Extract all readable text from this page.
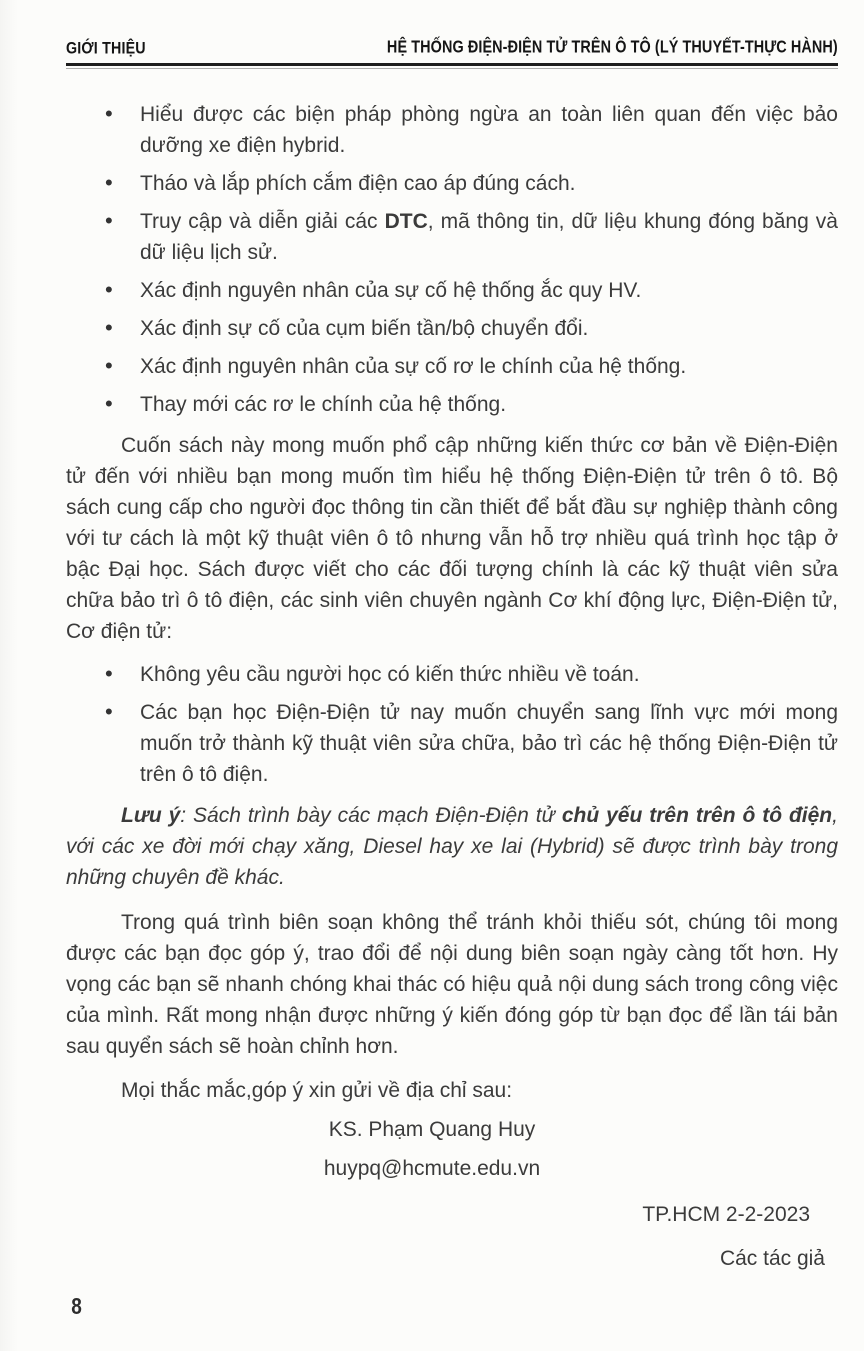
GIỚI THIỆU	HỆ THỐNG ĐIỆN-ĐIỆN TỬ TRÊN Ô TÔ (LÝ THUYẾT-THỰC HÀNH)
• Hiểu được các biện pháp phòng ngừa an toàn liên quan đến việc bảo dưỡng xe điện hybrid.
• Tháo và lắp phích cắm điện cao áp đúng cách.
• Truy cập và diễn giải các DTC, mã thông tin, dữ liệu khung đóng băng và dữ liệu lịch sử.
• Xác định nguyên nhân của sự cố hệ thống ắc quy HV.
• Xác định sự cố của cụm biến tần/bộ chuyển đổi.
• Xác định nguyên nhân của sự cố rơ le chính của hệ thống.
• Thay mới các rơ le chính của hệ thống.

Cuốn sách này mong muốn phổ cập những kiến thức cơ bản về Điện-Điện tử đến với nhiều bạn mong muốn tìm hiểu hệ thống Điện-Điện tử trên ô tô. Bộ sách cung cấp cho người đọc thông tin cần thiết để bắt đầu sự nghiệp thành công với tư cách là một kỹ thuật viên ô tô nhưng vẫn hỗ trợ nhiều quá trình học tập ở bậc Đại học. Sách được viết cho các đối tượng chính là các kỹ thuật viên sửa chữa bảo trì ô tô điện, các sinh viên chuyên ngành Cơ khí động lực, Điện-Điện tử, Cơ điện tử:

• Không yêu cầu người học có kiến thức nhiều về toán.
• Các bạn học Điện-Điện tử nay muốn chuyển sang lĩnh vực mới mong muốn trở thành kỹ thuật viên sửa chữa, bảo trì các hệ thống Điện-Điện tử trên ô tô điện.

Lưu ý: Sách trình bày các mạch Điện-Điện tử chủ yếu trên trên ô tô điện, với các xe đời mới chạy xăng, Diesel hay xe lai (Hybrid) sẽ được trình bày trong những chuyên đề khác.

Trong quá trình biên soạn không thể tránh khỏi thiếu sót, chúng tôi mong được các bạn đọc góp ý, trao đổi để nội dung biên soạn ngày càng tốt hơn. Hy vọng các bạn sẽ nhanh chóng khai thác có hiệu quả nội dung sách trong công việc của mình. Rất mong nhận được những ý kiến đóng góp từ bạn đọc để lần tái bản sau quyển sách sẽ hoàn chỉnh hơn.

Mọi thắc mắc,góp ý xin gửi về địa chỉ sau:

KS. Phạm Quang Huy

huypq@hcmute.edu.vn

TP.HCM 2-2-2023

Các tác giả

8
